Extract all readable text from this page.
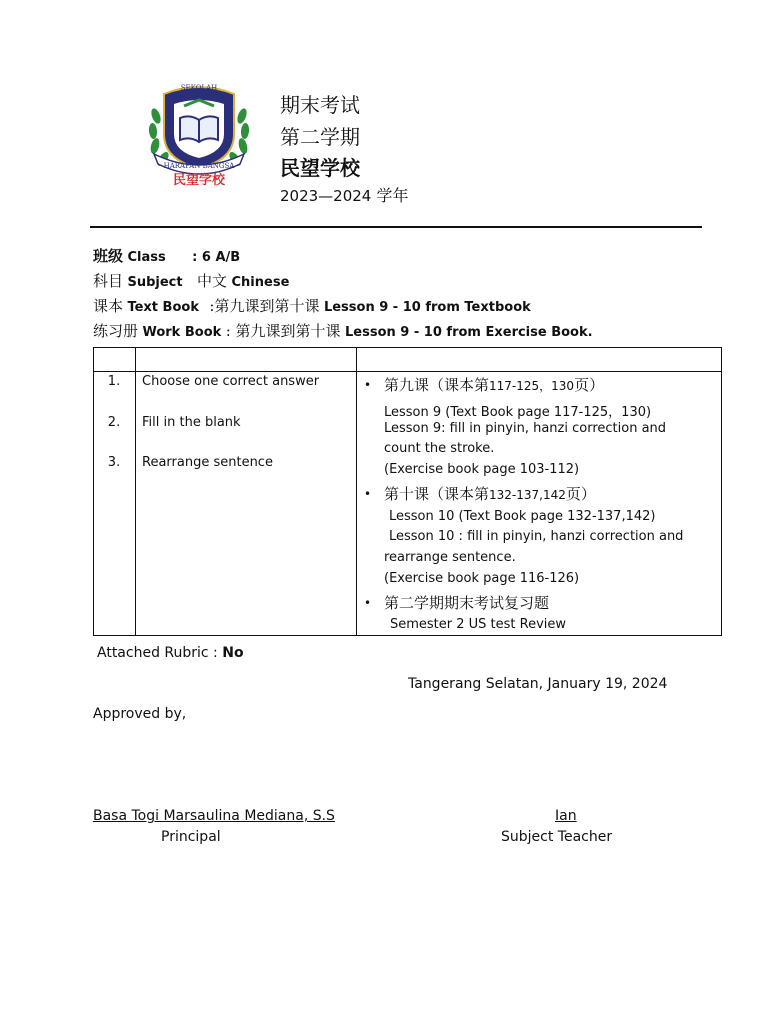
SEKOLAH
HARAPAN BANGSA
民望学校
期末考试
第二学期
民望学校
2023—2024 学年
班级 Class : 6 A/B
科目 Subject 中文 Chinese
课本 Text Book :第九课到第十课 Lesson 9 - 10 from Textbook
练习册 Work Book : 第九课到第十课 Lesson 9 - 10 from Exercise Book.
1.	Choose one correct answer
2.	Fill in the blank
3.	Rearrange sentence
• 第九课（课本第117-125，130页）
Lesson 9 (Text Book page 117-125，130)
Lesson 9: fill in pinyin, hanzi correction and
count the stroke.
(Exercise book page 103-112)
• 第十课（课本第132-137,142页）
Lesson 10 (Text Book page 132-137,142)
Lesson 10 : fill in pinyin, hanzi correction and
rearrange sentence.
(Exercise book page 116-126)
• 第二学期期末考试复习题
Semester 2 US test Review
Attached Rubric : No
Tangerang Selatan, January 19, 2024
Approved by,
Basa Togi Marsaulina Mediana, S.S
Principal
Ian
Subject Teacher
